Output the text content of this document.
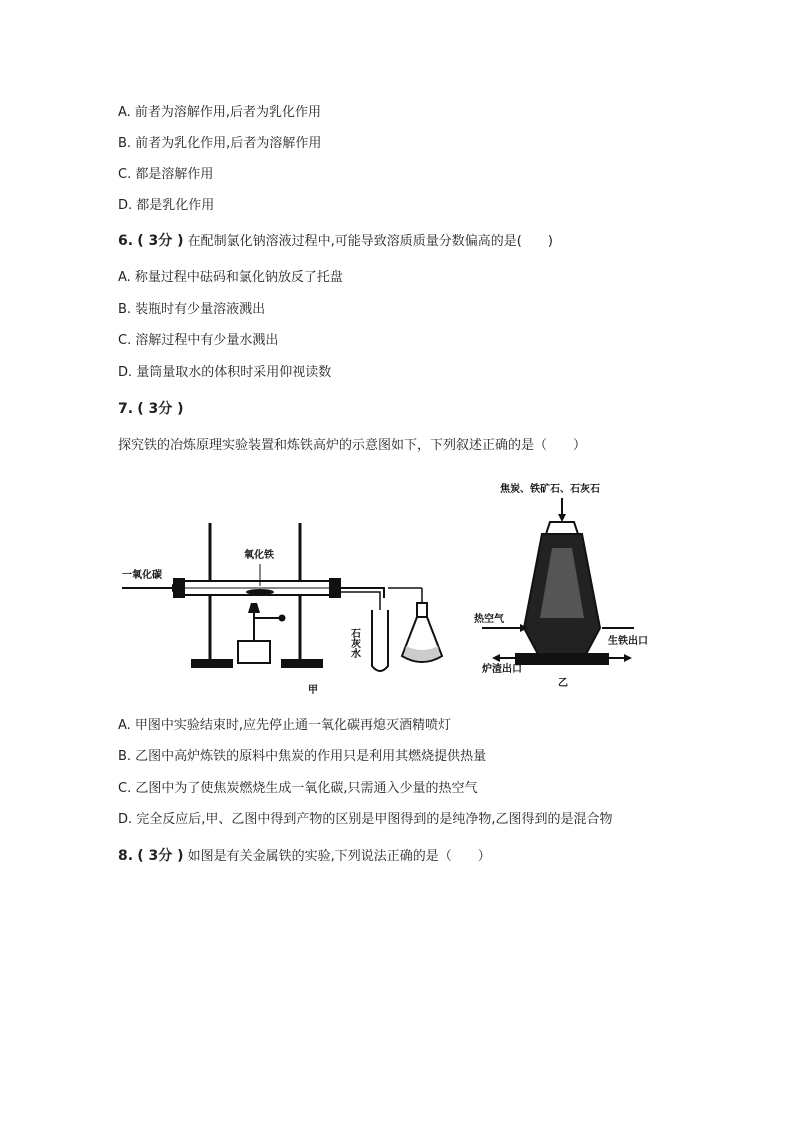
A. 前者为溶解作用,后者为乳化作用
B. 前者为乳化作用,后者为溶解作用
C. 都是溶解作用
D. 都是乳化作用
6. ( 3分 ) 在配制氯化钠溶液过程中,可能导致溶质质量分数偏高的是(　　)
A. 称量过程中砝码和氯化钠放反了托盘
B. 装瓶时有少量溶液溅出
C. 溶解过程中有少量水溅出
D. 量筒量取水的体积时采用仰视读数
7. ( 3分 )
探究铁的冶炼原理实验装置和炼铁高炉的示意图如下，下列叙述正确的是（　　）
一氧化碳
氧化铁
石灰水
甲
焦炭、铁矿石、石灰石
热空气
炉渣出口
生铁出口
乙
A. 甲图中实验结束时,应先停止通一氧化碳再熄灭酒精喷灯
B. 乙图中高炉炼铁的原料中焦炭的作用只是利用其燃烧提供热量
C. 乙图中为了使焦炭燃烧生成一氧化碳,只需通入少量的热空气
D. 完全反应后,甲、乙图中得到产物的区别是甲图得到的是纯净物,乙图得到的是混合物
8. ( 3分 ) 如图是有关金属铁的实验,下列说法正确的是（　　）
